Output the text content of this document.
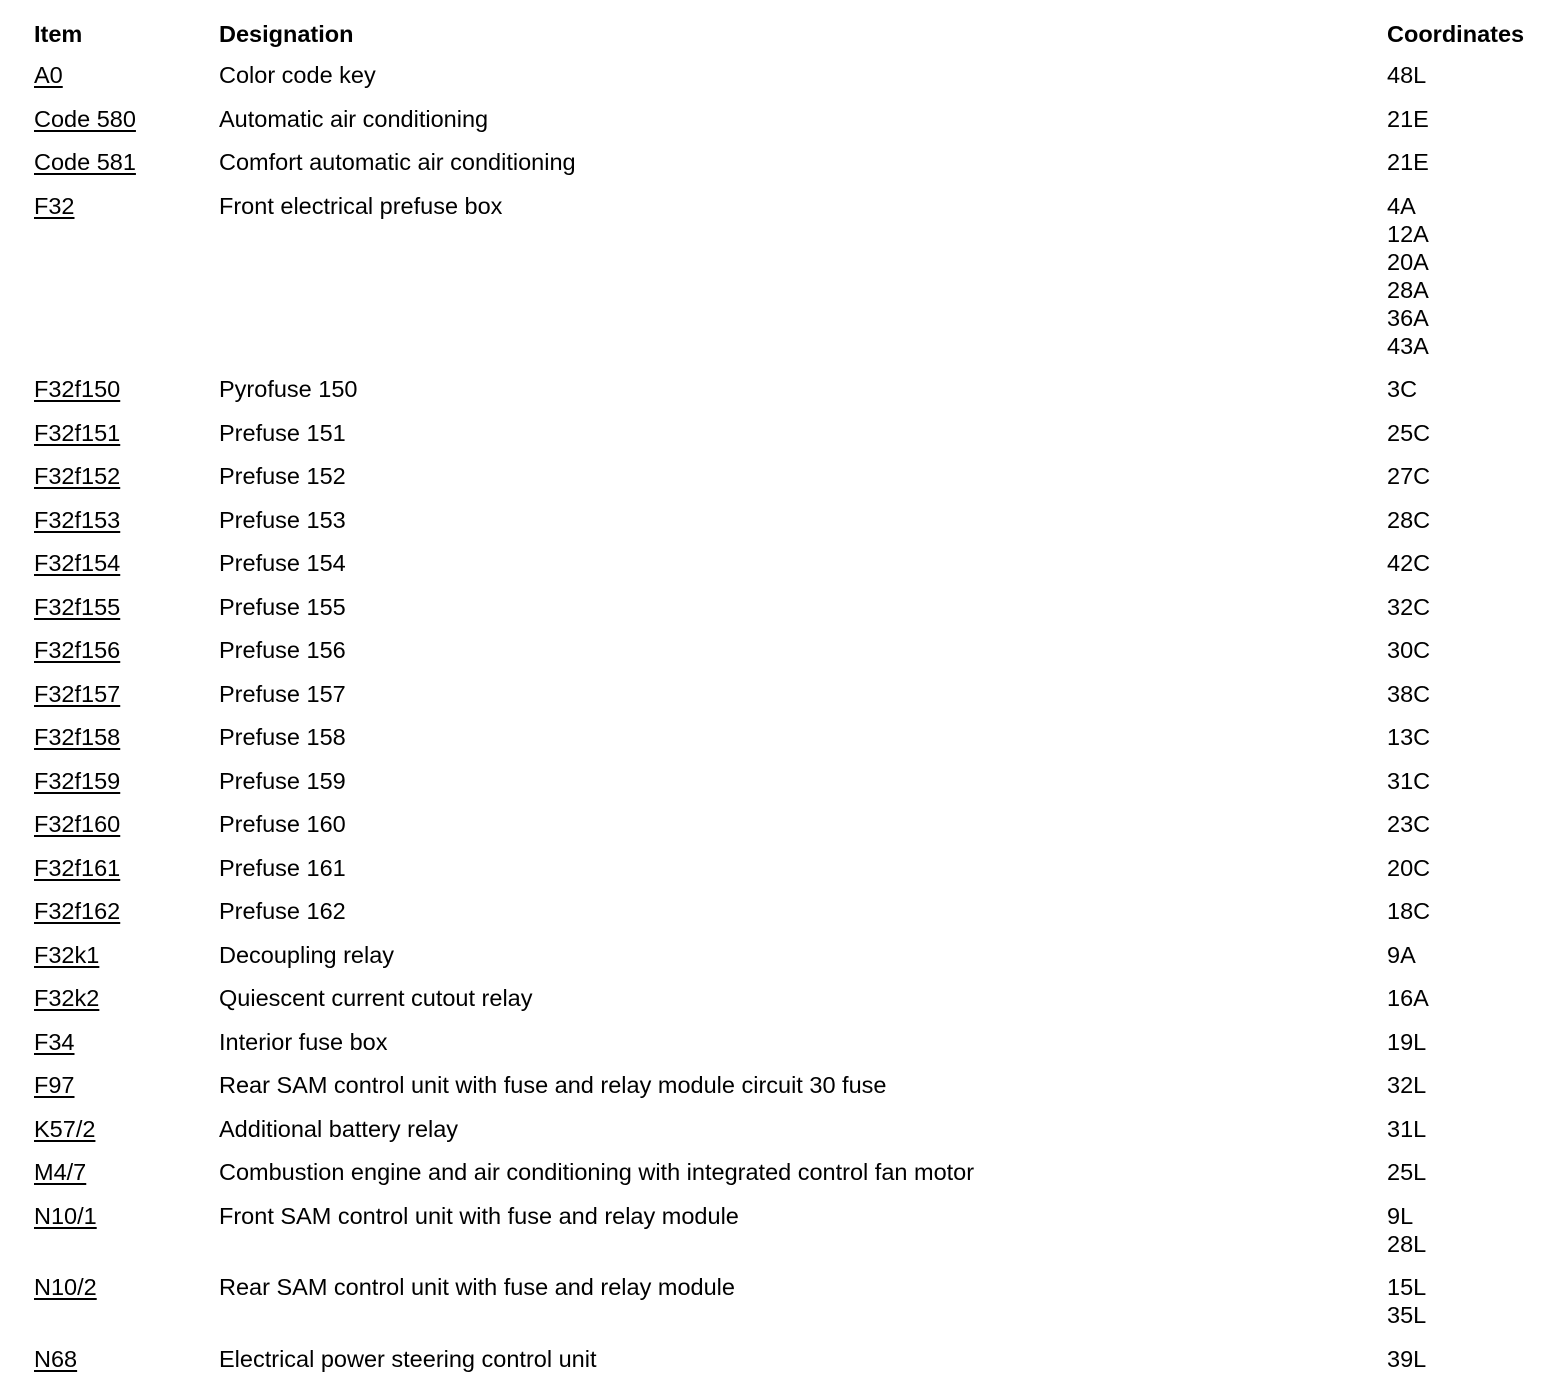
Item	Designation	Coordinates
A0	Color code key	48L
Code 580	Automatic air conditioning	21E
Code 581	Comfort automatic air conditioning	21E
F32	Front electrical prefuse box	4A
12A
20A
28A
36A
43A
F32f150	Pyrofuse 150	3C
F32f151	Prefuse 151	25C
F32f152	Prefuse 152	27C
F32f153	Prefuse 153	28C
F32f154	Prefuse 154	42C
F32f155	Prefuse 155	32C
F32f156	Prefuse 156	30C
F32f157	Prefuse 157	38C
F32f158	Prefuse 158	13C
F32f159	Prefuse 159	31C
F32f160	Prefuse 160	23C
F32f161	Prefuse 161	20C
F32f162	Prefuse 162	18C
F32k1	Decoupling relay	9A
F32k2	Quiescent current cutout relay	16A
F34	Interior fuse box	19L
F97	Rear SAM control unit with fuse and relay module circuit 30 fuse	32L
K57/2	Additional battery relay	31L
M4/7	Combustion engine and air conditioning with integrated control fan motor	25L
N10/1	Front SAM control unit with fuse and relay module	9L
28L
N10/2	Rear SAM control unit with fuse and relay module	15L
35L
N68	Electrical power steering control unit	39L
